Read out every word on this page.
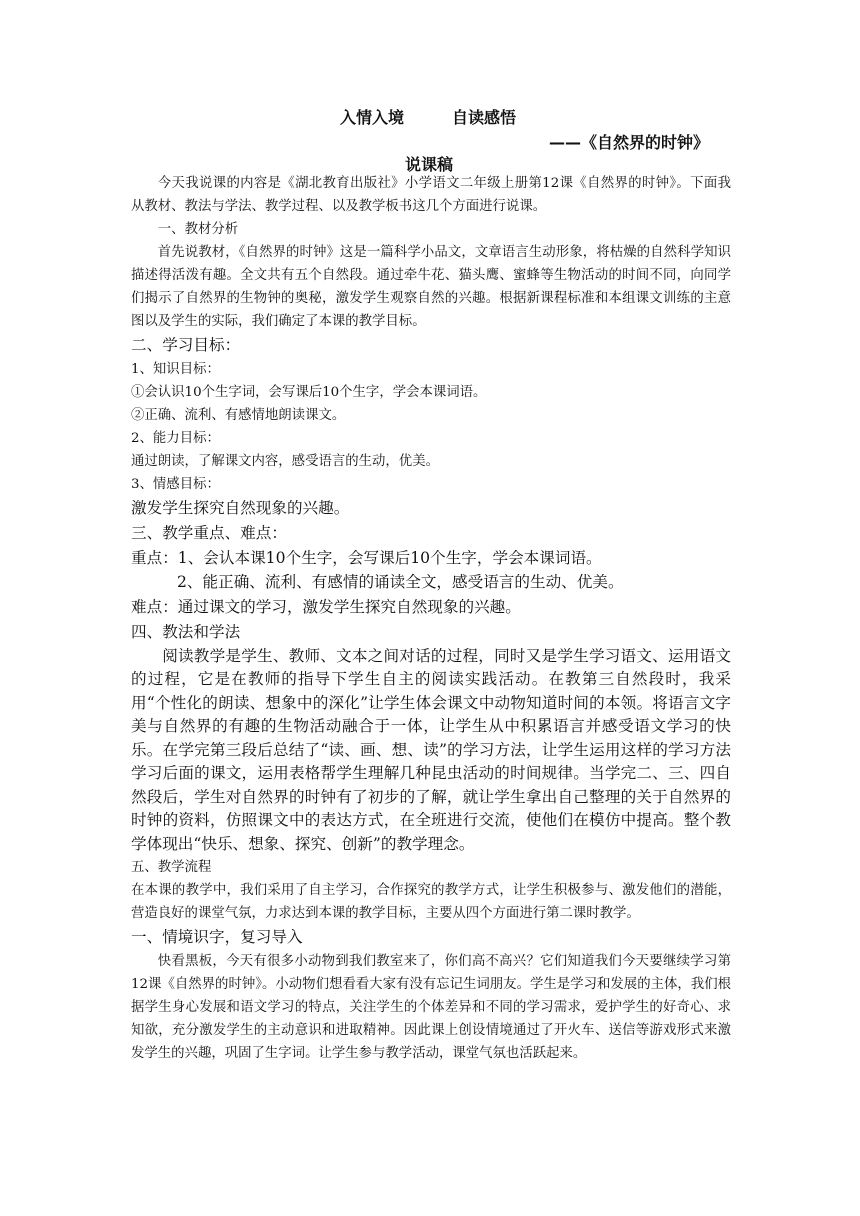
入情入境	自读感悟
——《自然界的时钟》
说课稿

今天我说课的内容是《湖北教育出版社》小学语文二年级上册第12课《自然界的时钟》。下面我 从教材、教法与学法、教学过程、以及教学板书这几个方面进行说课。

一、教材分析

首先说教材，《自然界的时钟》这是一篇科学小品文，文章语言生动形象，将枯燥的自然科学知识描述得活泼有趣。全文共有五个自然段。通过牵牛花、猫头鹰、蜜蜂等生物活动的时间不同，向同学们揭示了自然界的生物钟的奥秘，激发学生观察自然的兴趣。根据新课程标准和本组课文训练的主意图以及学生的实际，我们确定了本课的教学目标。

二、学习目标：

1、知识目标：

①会认识10个生字词，会写课后10个生字，学会本课词语。

②正确、流利、有感情地朗读课文。

2、能力目标：

通过朗读，了解课文内容，感受语言的生动，优美。

3、情感目标：

激发学生探究自然现象的兴趣。

三、教学重点、难点：

重点：1、会认本课10个生字，会写课后10个生字，学会本课词语。

2、能正确、流利、有感情的诵读全文，感受语言的生动、优美。

难点：通过课文的学习，激发学生探究自然现象的兴趣。

四、教法和学法

阅读教学是学生、教师、文本之间对话的过程，同时又是学生学习语文、运用语文的过程，它是在教师的指导下学生自主的阅读实践活动。在教第三自然段时，我采用“个性化的朗读、想象中的深化”让学生体会课文中动物知道时间的本领。将语言文字美与自然界的有趣的生物活动融合于一体，让学生从中积累语言并感受语文学习的快乐。在学完第三段后总结了“读、画、想、读”的学习方法，让学生运用这样的学习方法学习后面的课文，运用表格帮学生理解几种昆虫活动的时间规律。当学完二、三、四自然段后，学生对自然界的时钟有了初步的了解，就让学生拿出自己整理的关于自然界的时钟的资料，仿照课文中的表达方式，在全班进行交流，使他们在模仿中提高。整个教学体现出“快乐、想象、探究、创新”的教学理念。

五、教学流程

在本课的教学中，我们采用了自主学习，合作探究的教学方式，让学生积极参与、激发他们的潜能，营造良好的课堂气氛，力求达到本课的教学目标，主要从四个方面进行第二课时教学。

一、情境识字，复习导入

快看黑板，今天有很多小动物到我们教室来了，你们高不高兴？它们知道我们今天要继续学习第12课《自然界的时钟》。小动物们想看看大家有没有忘记生词朋友。学生是学习和发展的主体，我们根据学生身心发展和语文学习的特点，关注学生的个体差异和不同的学习需求，爱护学生的好奇心、求知欲，充分激发学生的主动意识和进取精神。因此课上创设情境通过了开火车、送信等游戏形式来激发学生的兴趣，巩固了生字词。让学生参与教学活动，课堂气氛也活跃起来。
